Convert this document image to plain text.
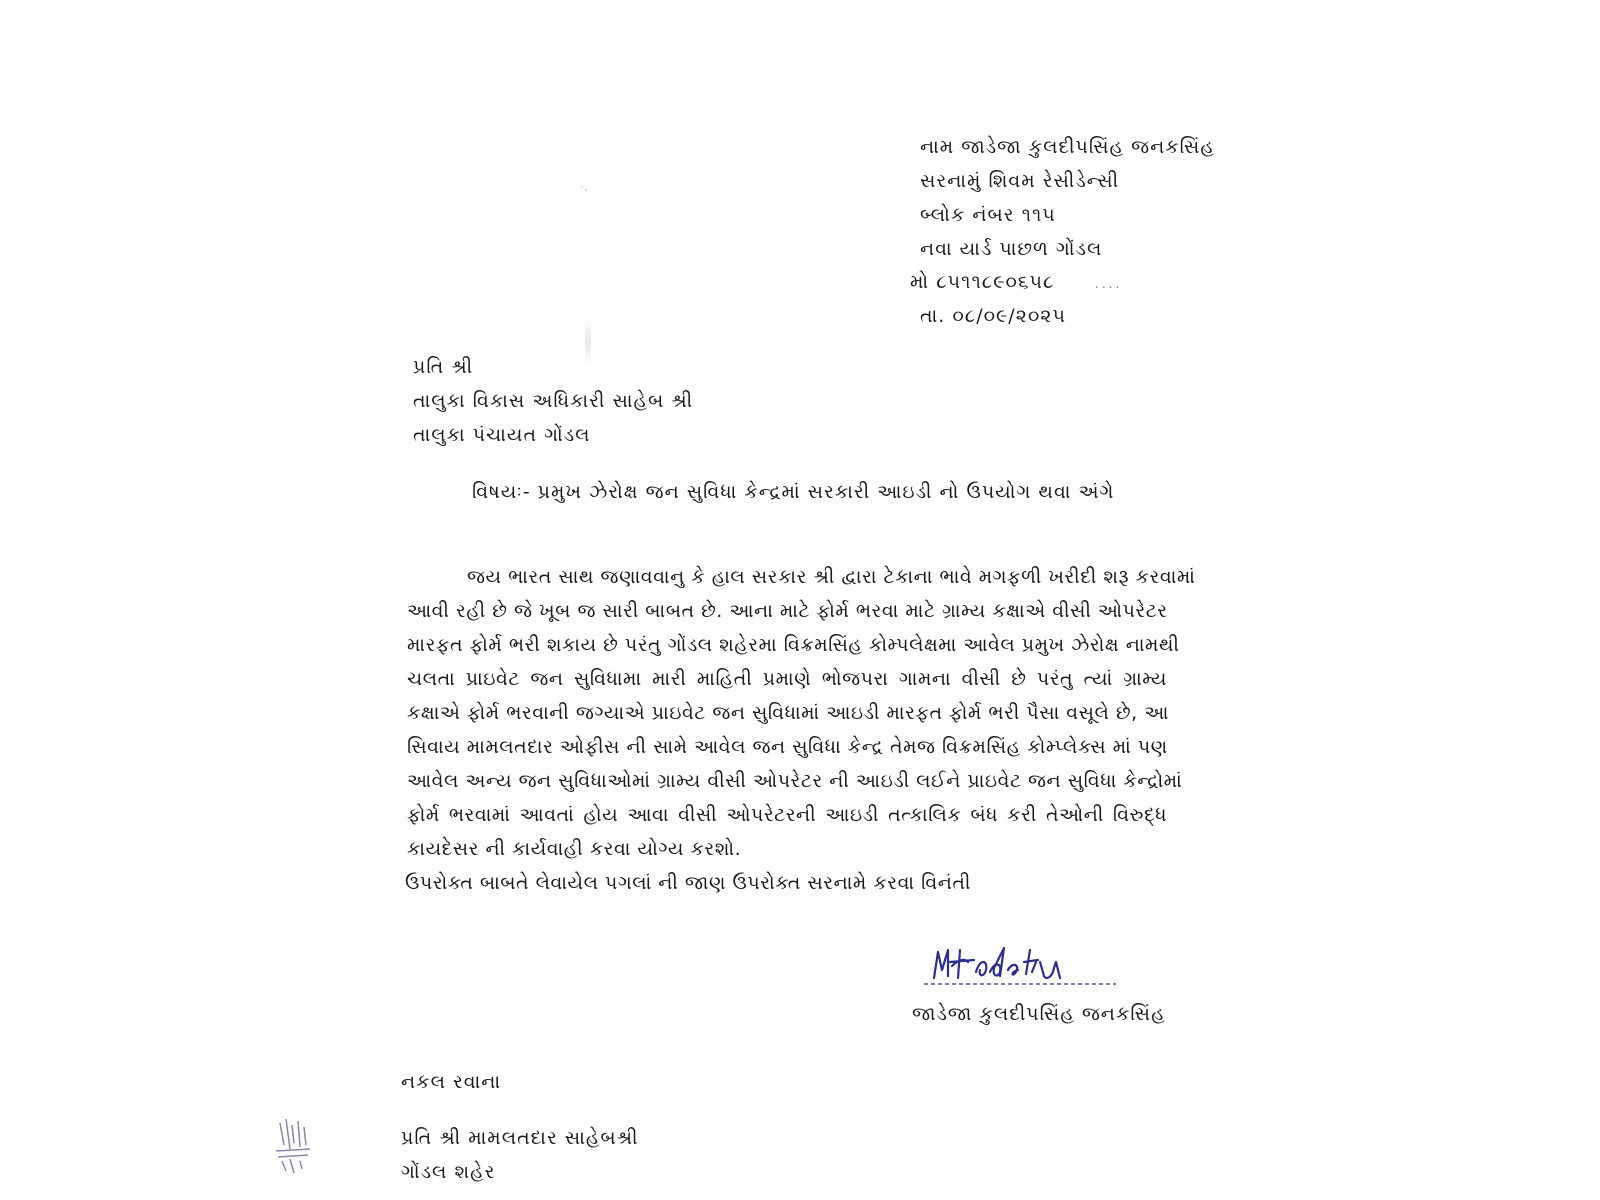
·.
....
નામ જાડેજા કુલદીપસિંહ જનકસિંહ
સરનામું શિવમ રેસીડેન્સી
બ્લોક નંબર ૧૧૫
નવા યાર્ડ પાછળ ગોંડલ
મો ૮૫૧૧૮૯૦૬૫૮
તા. ૦૮/૦૯/૨૦૨૫
પ્રતિ શ્રી
તાલુકા વિકાસ અધિકારી સાહેબ શ્રી
તાલુકા પંચાયત ગોંડલ
વિષયઃ- પ્રમુખ ઝેરોક્ષ જન સુવિધા કેન્દ્રમાં સરકારી આઇડી નો ઉપયોગ થવા અંગે
જય ભારત સાથ જણાવવાનુ કે હાલ સરકાર શ્રી દ્વારા ટેકાના ભાવે મગફળી ખરીદી શરૂ કરવામાં
આવી રહી છે જે ખૂબ જ સારી બાબત છે. આના માટે ફોર્મ ભરવા માટે ગ્રામ્ય કક્ષાએ વીસી ઓપરેટર
મારફત ફોર્મ ભરી શકાય છે પરંતુ ગોંડલ શહેરમા વિક્રમસિંહ કોમ્પલેક્ષમા આવેલ પ્રમુખ ઝેરોક્ષ નામથી
ચલતા પ્રાઇવેટ જન સુવિધામા મારી માહિતી પ્રમાણે ભોજપરા ગામના વીસી છે પરંતુ ત્યાં ગ્રામ્ય
કક્ષાએ ફોર્મ ભરવાની જગ્યાએ પ્રાઇવેટ જન સુવિધામાં આઇડી મારફત ફોર્મ ભરી પૈસા વસૂલે છે, આ
સિવાય મામલતદાર ઓફીસ ની સામે આવેલ જન સુવિધા કેન્દ્ર તેમજ વિક્રમસિંહ કોમ્પ્લેક્સ માં પણ
આવેલ અન્ય જન સુવિધાઓમાં ગ્રામ્ય વીસી ઓપરેટર ની આઇડી લઈને પ્રાઇવેટ જન સુવિધા કેન્દ્રોમાં
ફોર્મ ભરવામાં આવતાં હોય આવા વીસી ઓપરેટરની આઇડી તત્કાલિક બંધ કરી તેઓની વિરુદ્ધ
કાયદેસર ની કાર્યવાહી કરવા યોગ્ય કરશો.
ઉપરોક્ત બાબતે લેવાયેલ પગલાં ની જાણ ઉપરોક્ત સરનામે કરવા વિનંતી
જાડેજા કુલદીપસિંહ જનકસિંહ
નકલ રવાના
પ્રતિ શ્રી મામલતદાર સાહેબશ્રી
ગોંડલ શહેર
